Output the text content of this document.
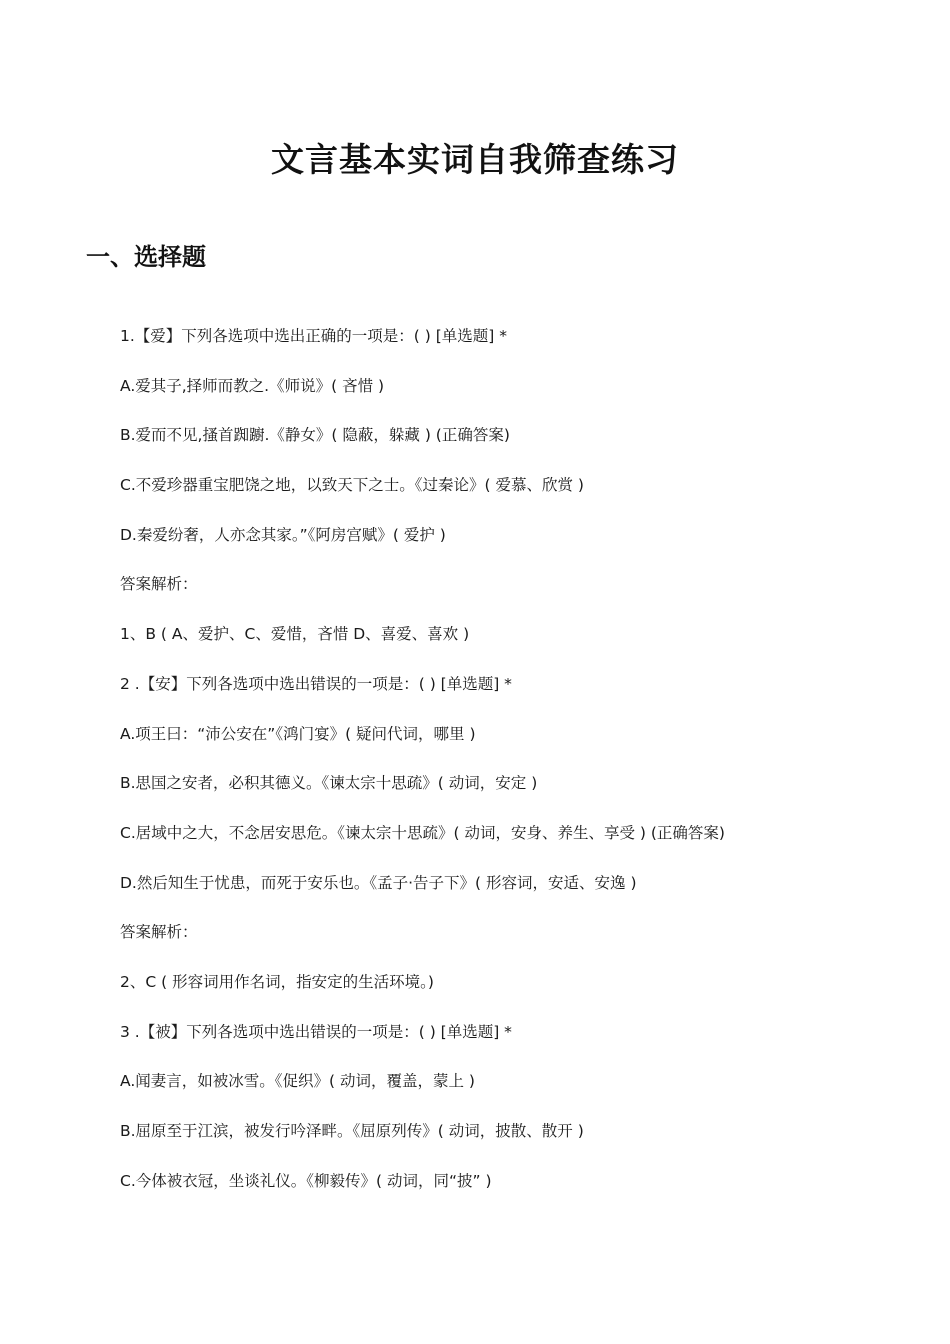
文言基本实词自我筛查练习
一、选择题
1.【爱】下列各选项中选出正确的一项是：( ) [单选题] *
A.爱其子,择师而教之.《师说》( 吝惜 )
B.爱而不见,搔首踟躕.《静女》( 隐蔽，躲藏 ) (正确答案)
C.不爱珍器重宝肥饶之地，以致天下之士。《过秦论》( 爱慕、欣赏 )
D.秦爱纷奢，人亦念其家。”《阿房宫赋》( 爱护 )
答案解析：
1、B ( A、爱护、C、爱惜，吝惜 D、喜爱、喜欢 )
2 .【安】下列各选项中选出错误的一项是：( ) [单选题] *
A.项王曰：“沛公安在”《鸿门宴》( 疑问代词，哪里 )
B.思国之安者，必积其德义。《谏太宗十思疏》( 动词，安定 )
C.居域中之大，不念居安思危。《谏太宗十思疏》( 动词，安身、养生、享受 ) (正确答案)
D.然后知生于忧患，而死于安乐也。《孟子·告子下》( 形容词，安适、安逸 )
答案解析：
2、C ( 形容词用作名词，指安定的生活环境。)
3 .【被】下列各选项中选出错误的一项是：( ) [单选题] *
A.闻妻言，如被冰雪。《促织》( 动词，覆盖，蒙上 )
B.屈原至于江滨，被发行吟泽畔。《屈原列传》( 动词，披散、散开 )
C.今体被衣冠，坐谈礼仪。《柳毅传》( 动词，同“披” )
